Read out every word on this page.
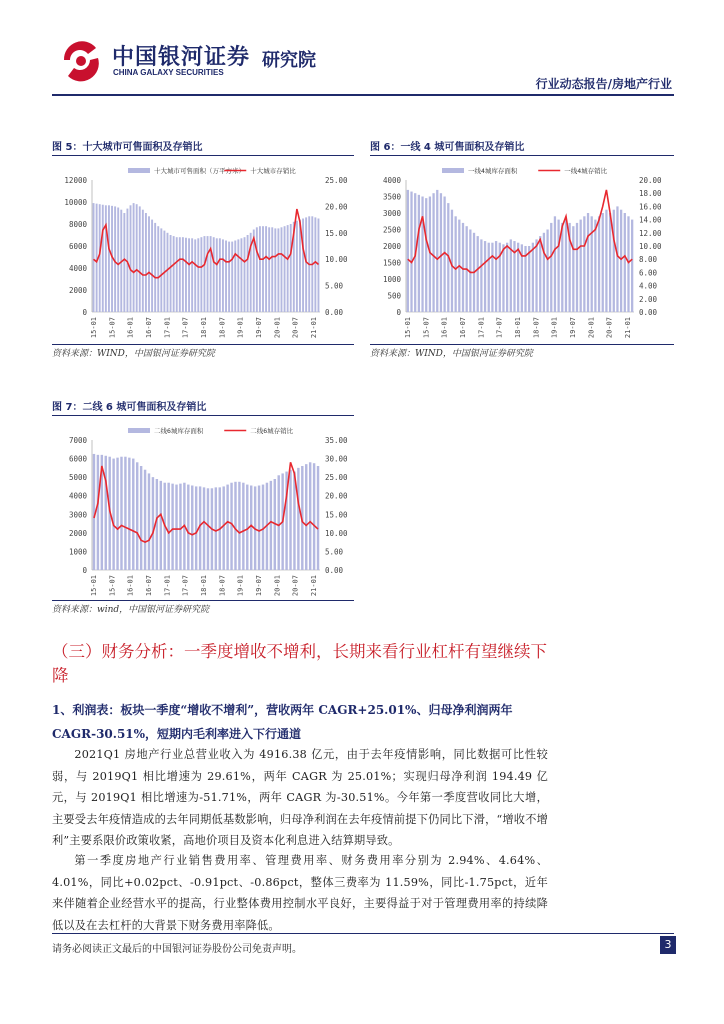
中国银河证券
CHINA GALAXY SECURITIES
研究院
行业动态报告/房地产行业
图 5：十大城市可售面积及存销比
0
2000
4000
6000
8000
10000
12000
0.00
5.00
10.00
15.00
20.00
25.00
15-01 15-07 16-01 16-07 17-01 17-07 18-01 18-07 19-01 19-07 20-01 20-07 21-01
十大城市可售面积（万平方米） 十大城市存销比
资料来源：WIND，中国银河证券研究院
图 6：一线 4 城可售面积及存销比
0
500
1000
1500
2000
2500
3000
3500
4000
0.00
2.00
4.00
6.00
8.00
10.00
12.00
14.00
16.00
18.00
20.00
15-01 15-07 16-01 16-07 17-01 17-07 18-01 18-07 19-01 19-07 20-01 20-07 21-01
一线4城库存面积	一线4城存销比
资料来源：WIND，中国银河证券研究院
图 7：二线 6 城可售面积及存销比
0
1000
2000
3000
4000
5000
6000
7000
0.00
5.00
10.00
15.00
20.00
25.00
30.00
35.00
15-01 15-07 16-01 16-07 17-01 17-07 18-01 18-07 19-01 19-07 20-01 20-07 21-01
二线6城库存面积	二线6城存销比
资料来源：wind，中国银河证券研究院
（三）财务分析：一季度增收不增利，长期来看行业杠杆有望继续下降
1、利润表：板块一季度“增收不增利”，营收两年 CAGR+25.01%、归母净利润两年 CAGR-30.51%，短期内毛利率进入下行通道
2021Q1 房地产行业总营业收入为 4916.38 亿元，由于去年疫情影响，同比数据可比性较弱，与 2019Q1 相比增速为 29.61%，两年 CAGR 为 25.01%；实现归母净利润 194.49 亿元，与 2019Q1 相比增速为-51.71%，两年 CAGR 为-30.51%。今年第一季度营收同比大增，主要受去年疫情造成的去年同期低基数影响，归母净利润在去年疫情前提下仍同比下滑，“增收不增利”主要系限价政策收紧，高地价项目及资本化利息进入结算期导致。
第一季度房地产行业销售费用率、管理费用率、财务费用率分别为 2.94%、4.64%、4.01%，同比+0.02pct、-0.91pct、-0.86pct，整体三费率为 11.59%，同比-1.75pct，近年来伴随着企业经营水平的提高，行业整体费用控制水平良好，主要得益于对于管理费用率的持续降低以及在去杠杆的大背景下财务费用率降低。
请务必阅读正文最后的中国银河证券股份公司免责声明。	3
